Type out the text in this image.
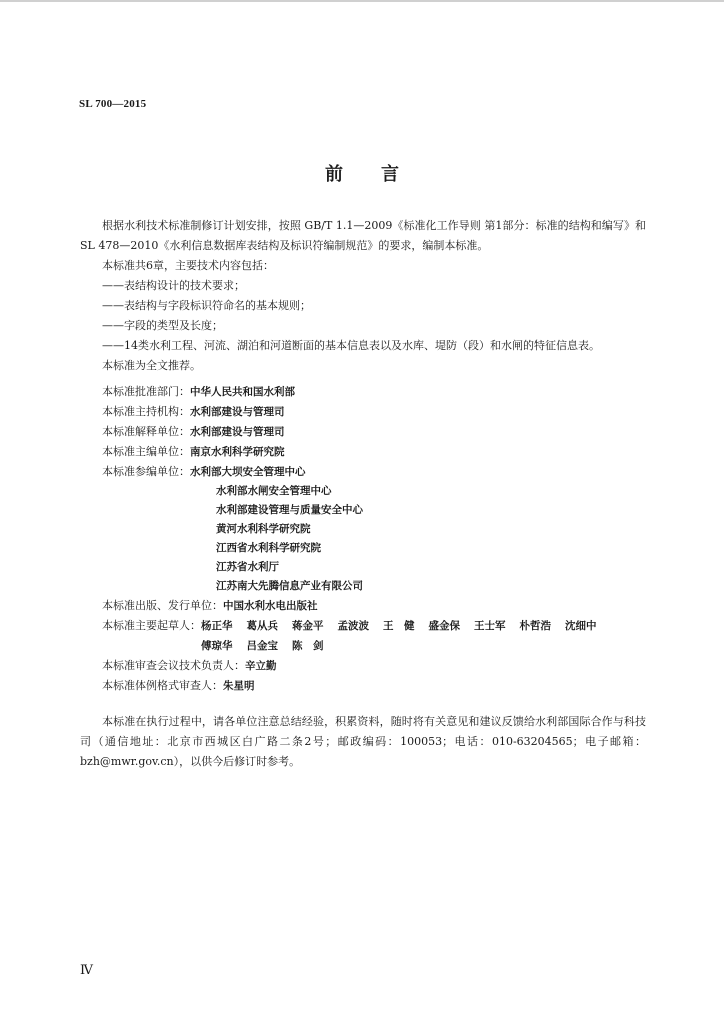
SL 700—2015
前言

根据水利技术标准制修订计划安排，按照 GB/T 1.1—2009《标准化工作导则 第1部分：标准的结构和编写》和 SL 478—2010《水利信息数据库表结构及标识符编制规范》的要求，编制本标准。

本标准共6章，主要技术内容包括：

——表结构设计的技术要求；

——表结构与字段标识符命名的基本规则；

——字段的类型及长度；

——14类水利工程、河流、湖泊和河道断面的基本信息表以及水库、堤防（段）和水闸的特征信息表。

本标准为全文推荐。

本标准批准部门： 中华人民共和国水利部
本标准主持机构： 水利部建设与管理司
本标准解释单位： 水利部建设与管理司
本标准主编单位： 南京水利科学研究院
本标准参编单位： 水利部大坝安全管理中心

水利部水闸安全管理中心

水利部建设管理与质量安全中心

黄河水利科学研究院

江西省水利科学研究院

江苏省水利厅

江苏南大先腾信息产业有限公司

本标准出版、发行单位： 中国水利水电出版社
本标准主要起草人： 杨正华 葛从兵 蒋金平 孟波波 王　健 盛金保 王士军 朴哲浩 沈细中
傅琼华 吕金宝 陈　剑
本标准审查会议技术负责人： 辛立勤
本标准体例格式审查人： 朱星明

本标准在执行过程中，请各单位注意总结经验，积累资料，随时将有关意见和建议反馈给水利部国际合作与科技司（通信地址：北京市西城区白广路二条2号；邮政编码：100053；电话：010-63204565；电子邮箱：bzh@mwr.gov.cn），以供今后修订时参考。

Ⅳ
